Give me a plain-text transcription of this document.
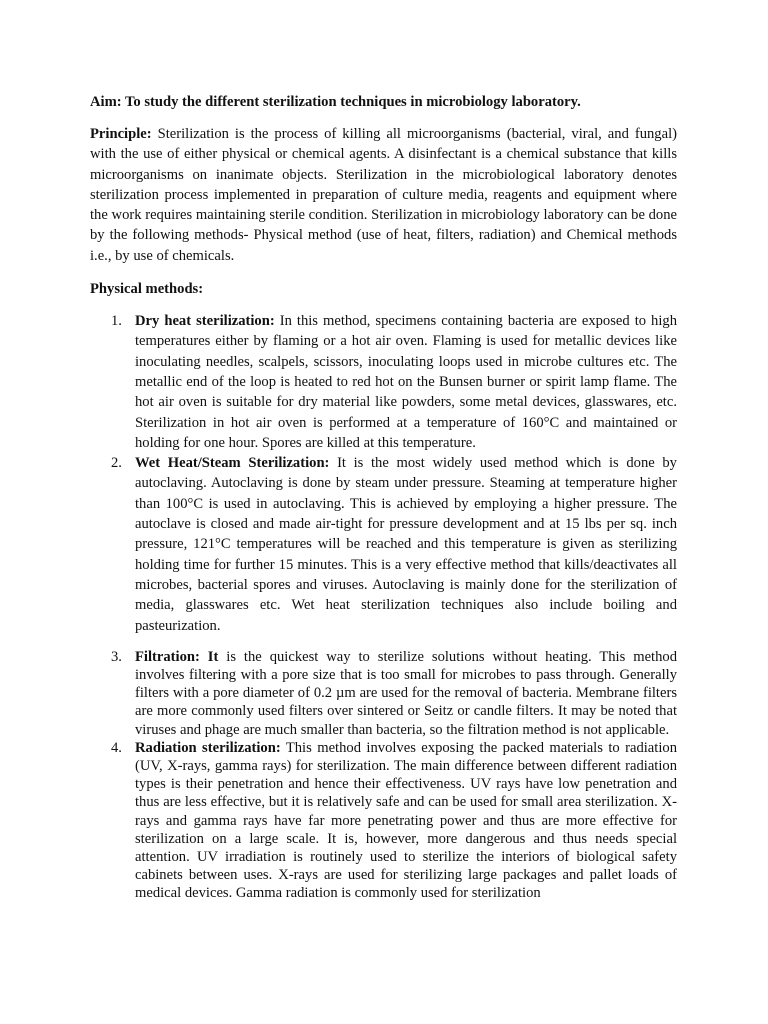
Aim: To study the different sterilization techniques in microbiology laboratory.

Principle: Sterilization is the process of killing all microorganisms (bacterial, viral, and fungal) with the use of either physical or chemical agents. A disinfectant is a chemical substance that kills microorganisms on inanimate objects. Sterilization in the microbiological laboratory denotes sterilization process implemented in preparation of culture media, reagents and equipment where the work requires maintaining sterile condition. Sterilization in microbiology laboratory can be done by the following methods- Physical method (use of heat, filters, radiation) and Chemical methods i.e., by use of chemicals.

Physical methods:

1. Dry heat sterilization: In this method, specimens containing bacteria are exposed to high temperatures either by flaming or a hot air oven. Flaming is used for metallic devices like inoculating needles, scalpels, scissors, inoculating loops used in microbe cultures etc. The metallic end of the loop is heated to red hot on the Bunsen burner or spirit lamp flame. The hot air oven is suitable for dry material like powders, some metal devices, glasswares, etc. Sterilization in hot air oven is performed at a temperature of 160°C and maintained or holding for one hour. Spores are killed at this temperature.
2. Wet Heat/Steam Sterilization: It is the most widely used method which is done by autoclaving. Autoclaving is done by steam under pressure. Steaming at temperature higher than 100°C is used in autoclaving. This is achieved by employing a higher pressure. The autoclave is closed and made air-tight for pressure development and at 15 lbs per sq. inch pressure, 121°C temperatures will be reached and this temperature is given as sterilizing holding time for further 15 minutes. This is a very effective method that kills/deactivates all microbes, bacterial spores and viruses. Autoclaving is mainly done for the sterilization of media, glasswares etc. Wet heat sterilization techniques also include boiling and pasteurization.
3. Filtration: It is the quickest way to sterilize solutions without heating. This method involves filtering with a pore size that is too small for microbes to pass through. Generally filters with a pore diameter of 0.2 µm are used for the removal of bacteria. Membrane filters are more commonly used filters over sintered or Seitz or candle filters. It may be noted that viruses and phage are much smaller than bacteria, so the filtration method is not applicable.
4. Radiation sterilization: This method involves exposing the packed materials to radiation (UV, X-rays, gamma rays) for sterilization. The main difference between different radiation types is their penetration and hence their effectiveness. UV rays have low penetration and thus are less effective, but it is relatively safe and can be used for small area sterilization. X-rays and gamma rays have far more penetrating power and thus are more effective for sterilization on a large scale. It is, however, more dangerous and thus needs special attention. UV irradiation is routinely used to sterilize the interiors of biological safety cabinets between uses. X-rays are used for sterilizing large packages and pallet loads of medical devices. Gamma radiation is commonly used for sterilization
